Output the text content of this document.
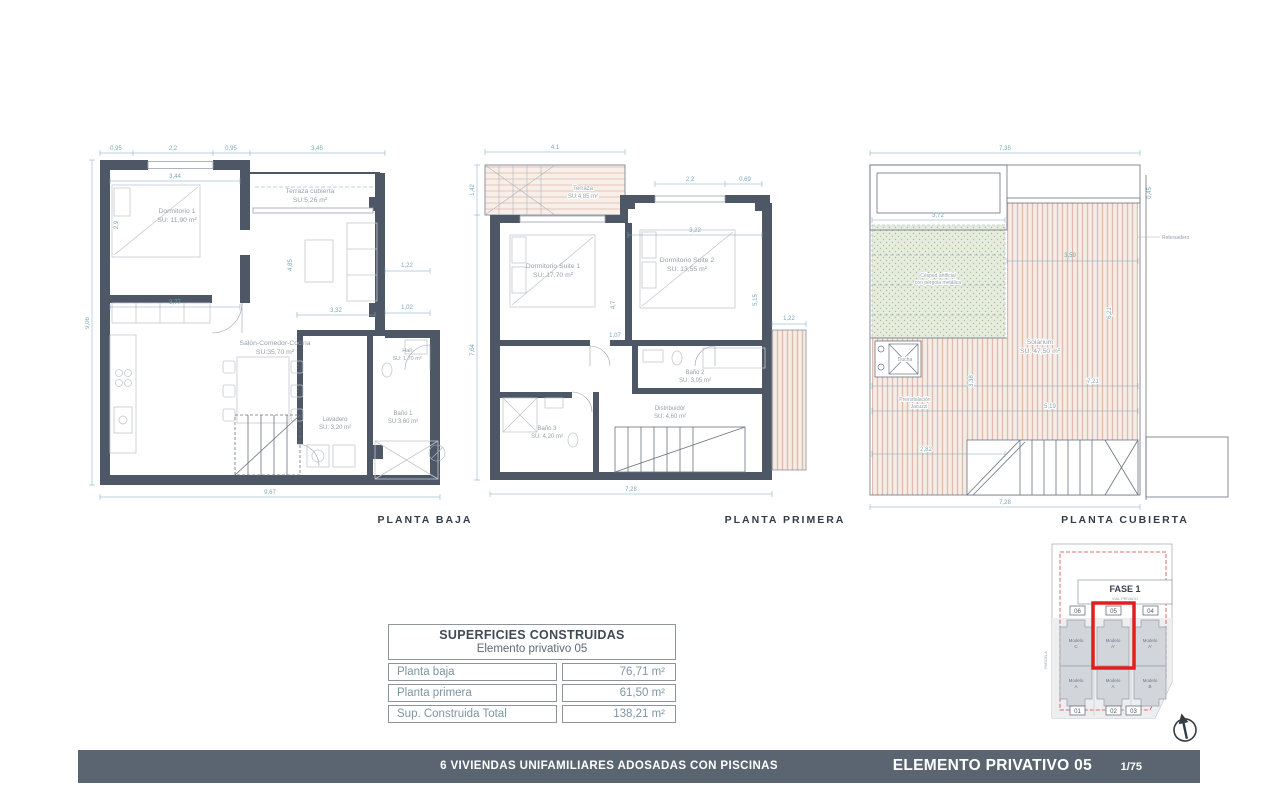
0,95	2,2	0,95	3,45
3,44
2,9
9,06
4,85
3,77
3,32
1,22
1,02
9,67
Dormitorio 1
SU: 11,90 m²
Terraza cubierta
SU:5,26 m²
Salón-Comedor-Cocina
SU:35,70 m²	Hall
SU: 1,70 m²
Lavadero
SU: 3,20 m²
Baño 1
SU:3,60 m²
4,1
1,42
7,64
7,28
2,2	0,69
3,22
4,7
1,07
5,15
1,22
Terraza
SU:4,85 m²
Dormitorio Suite 1
SU: 17,70 m²
Dormitorio Suite 2
SU: 13,55 m²
Baño 2
SU: 3,05 m²
Distribuidor
SU: 4,60 m²
Baño 3
SU: 4,20 m²
Rebosadero
7,35
0,45
3,72
3,59
7,21
5,19
2,82
6,21
3,38
7,28
Solárium
SU: 47,50 m²
Ducha
Preinstalación
Jacuzzi
Césped artificial
con pérgola metálica
PLANTA BAJA	PLANTA PRIMERA	PLANTA CUBIERTA
SUPERFICIES CONSTRUIDAS
Elemento privativo 05
Planta baja	76,71 m²
Planta primera	61,50 m²
Sup. Construida Total	138,21 m²
FASE 1
VIAL PRIVADO
06	05	04
Modelo
C
Modelo
A'
Modelo
A'
Modelo
A
Modelo
A
Modelo
B
01	02 03
PARCELA
6 VIVIENDAS UNIFAMILIARES ADOSADAS CON PISCINAS	ELEMENTO PRIVATIVO 05	1/75
